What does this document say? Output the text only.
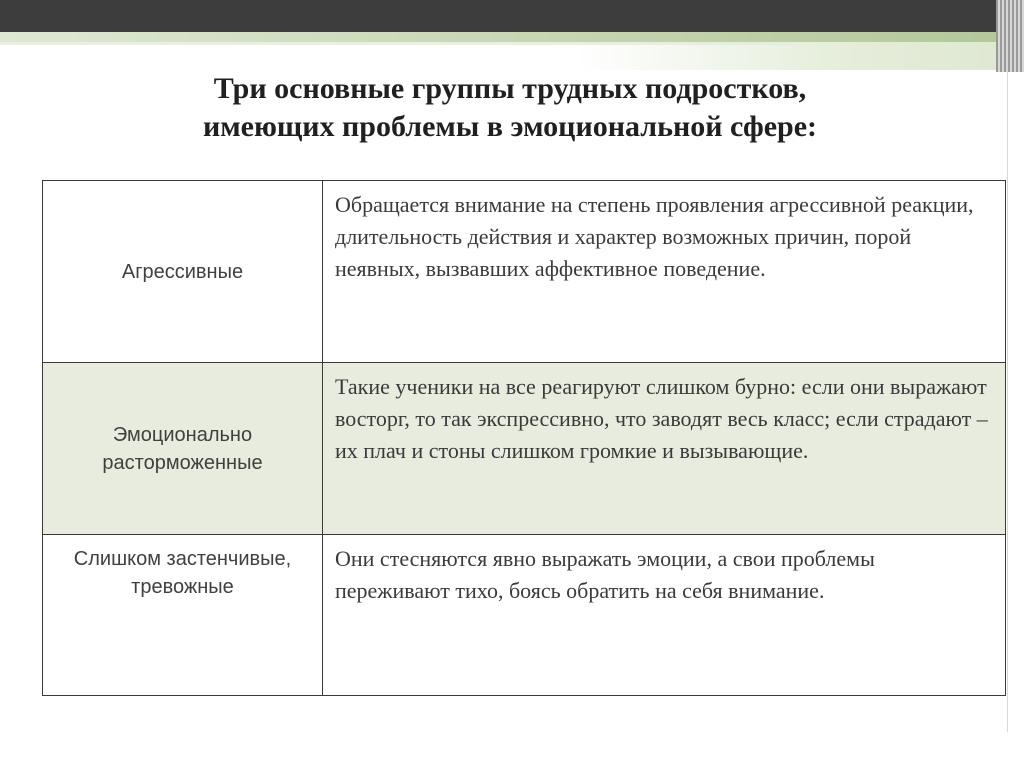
Три основные группы трудных подростков,
имеющих проблемы в эмоциональной сфере:
Агрессивные
Обращается внимание на степень проявления агрессивной реакции, длительность действия и характер возможных причин, порой неявных, вызвавших аффективное поведение.
Эмоционально расторможенные
Такие ученики на все реагируют слишком бурно: если они выражают восторг, то так экспрессивно, что заводят весь класс; если страдают – их плач и стоны слишком громкие и вызывающие.
Слишком застенчивые, тревожные
Они стесняются явно выражать эмоции, а свои проблемы переживают тихо, боясь обратить на себя внимание.
